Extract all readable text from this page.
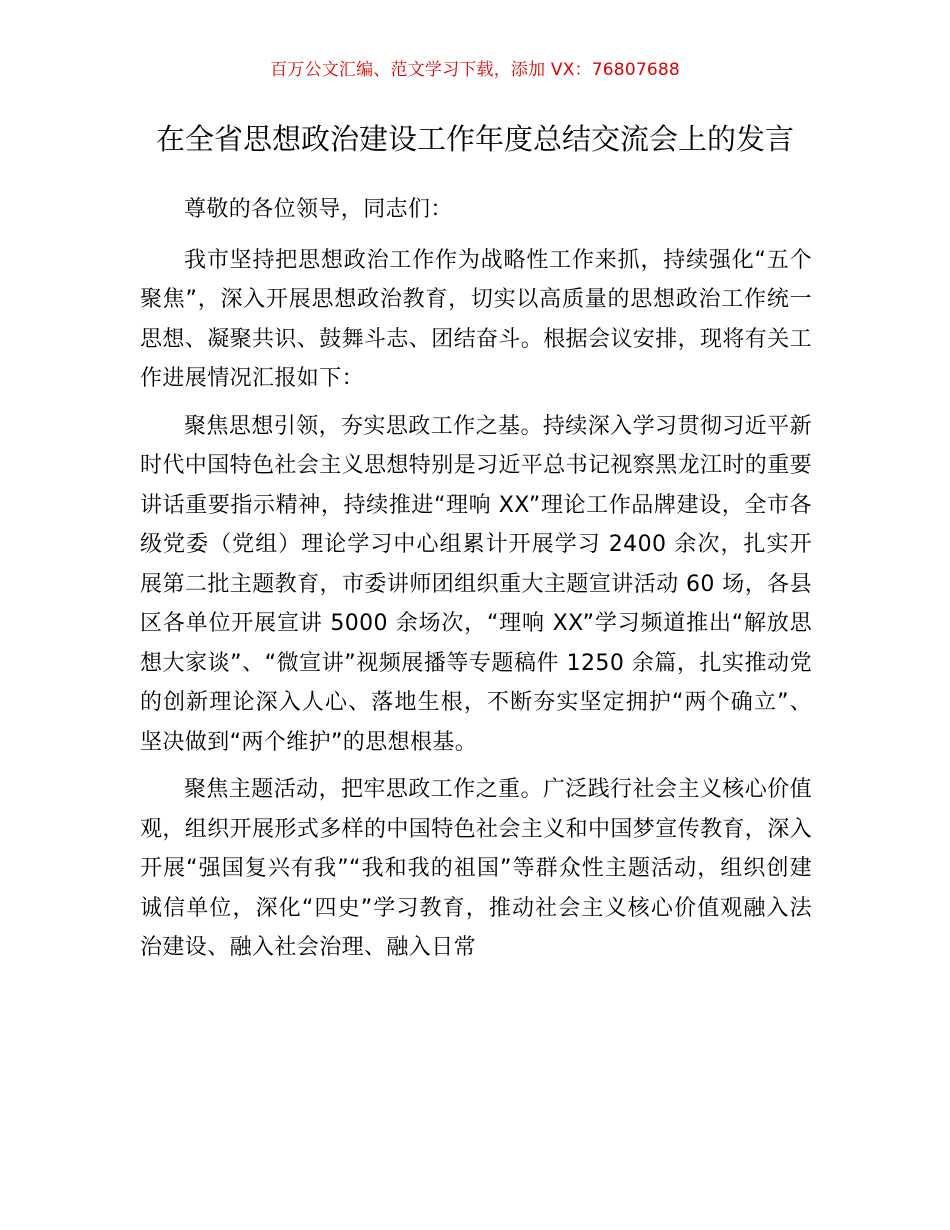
百万公文汇编、范文学习下载，添加 VX：76807688
在全省思想政治建设工作年度总结交流会上的发言

尊敬的各位领导，同志们：

我市坚持把思想政治工作作为战略性工作来抓，持续强化“五个聚焦”，深入开展思想政治教育，切实以高质量的思想政治工作统一思想、凝聚共识、鼓舞斗志、团结奋斗。根据会议安排，现将有关工作进展情况汇报如下：

聚焦思想引领，夯实思政工作之基。持续深入学习贯彻习近平新时代中国特色社会主义思想特别是习近平总书记视察黑龙江时的重要讲话重要指示精神，持续推进“理响 XX”理论工作品牌建设，全市各级党委（党组）理论学习中心组累计开展学习 2400 余次，扎实开展第二批主题教育，市委讲师团组织重大主题宣讲活动 60 场，各县区各单位开展宣讲 5000 余场次，“理响 XX”学习频道推出“解放思想大家谈”、“微宣讲”视频展播等专题稿件 1250 余篇，扎实推动党的创新理论深入人心、落地生根，不断夯实坚定拥护“两个确立”、坚决做到“两个维护”的思想根基。

聚焦主题活动，把牢思政工作之重。广泛践行社会主义核心价值观，组织开展形式多样的中国特色社会主义和中国梦宣传教育，深入开展“强国复兴有我”“我和我的祖国”等群众性主题活动，组织创建诚信单位，深化“四史”学习教育，推动社会主义核心价值观融入法治建设、融入社会治理、融入日常
